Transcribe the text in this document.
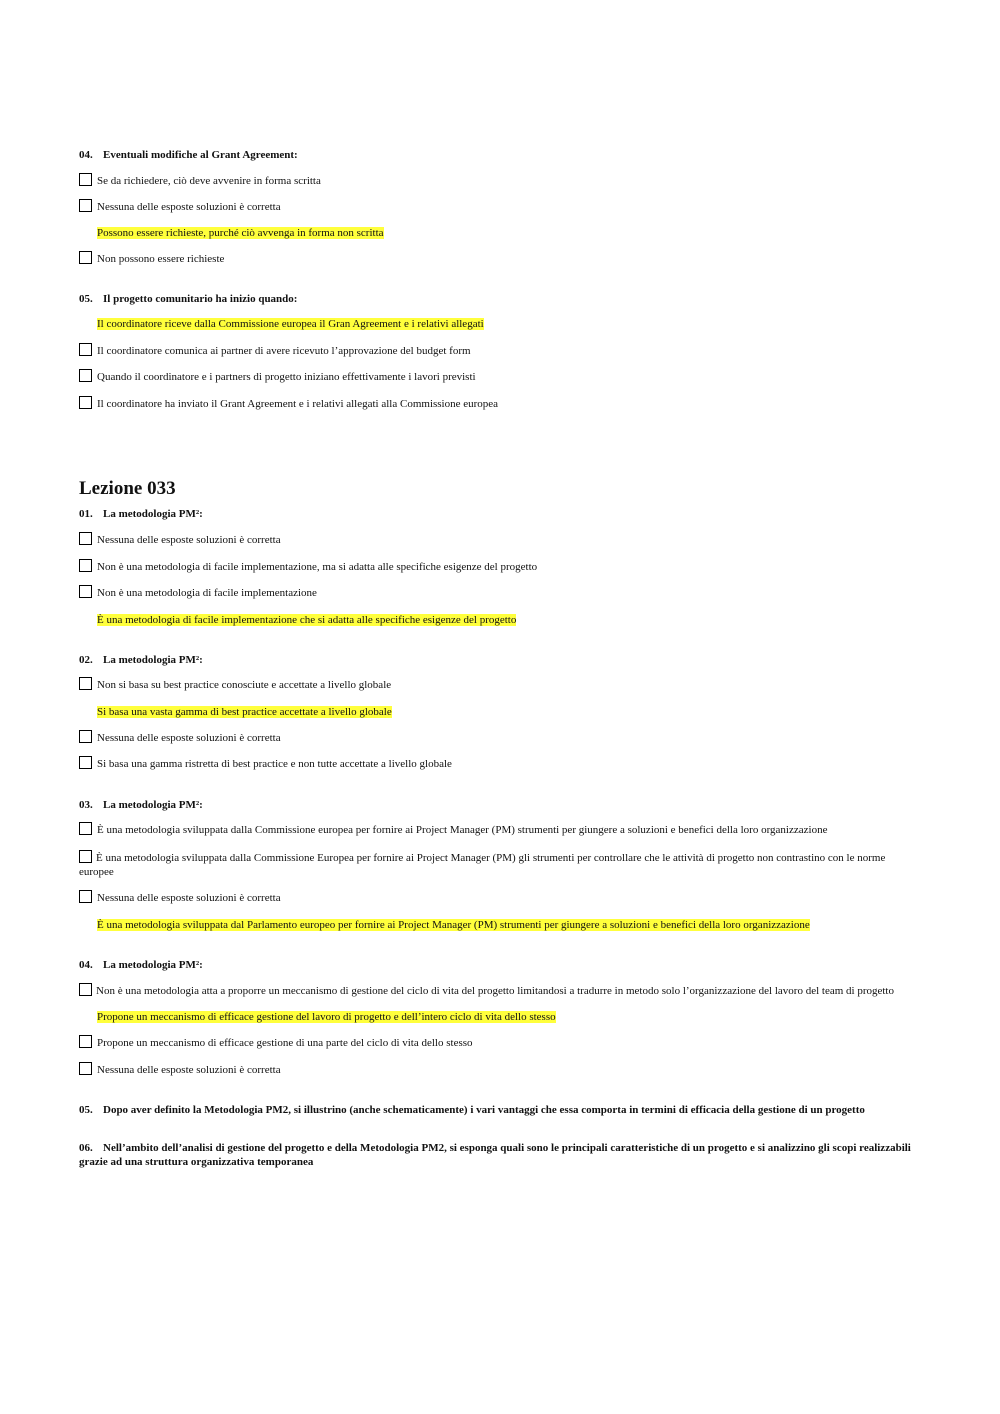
04. Eventuali modifiche al Grant Agreement:

Se da richiedere, ciò deve avvenire in forma scritta

Nessuna delle esposte soluzioni è corretta

Possono essere richieste, purché ciò avvenga in forma non scritta

Non possono essere richieste

05. Il progetto comunitario ha inizio quando:

Il coordinatore riceve dalla Commissione europea il Gran Agreement e i relativi allegati

Il coordinatore comunica ai partner di avere ricevuto l’approvazione del budget form

Quando il coordinatore e i partners di progetto iniziano effettivamente i lavori previsti

Il coordinatore ha inviato il Grant Agreement e i relativi allegati alla Commissione europea

Lezione 033

01. La metodologia PM²:

Nessuna delle esposte soluzioni è corretta

Non è una metodologia di facile implementazione, ma si adatta alle specifiche esigenze del progetto

Non è una metodologia di facile implementazione

È una metodologia di facile implementazione che si adatta alle specifiche esigenze del progetto

02. La metodologia PM²:

Non si basa su best practice conosciute e accettate a livello globale

Si basa una vasta gamma di best practice accettate a livello globale

Nessuna delle esposte soluzioni è corretta

Si basa una gamma ristretta di best practice e non tutte accettate a livello globale

03. La metodologia PM²:

È una metodologia sviluppata dalla Commissione europea per fornire ai Project Manager (PM) strumenti per giungere a soluzioni e benefici della loro organizzazione

È una metodologia sviluppata dalla Commissione Europea per fornire ai Project Manager (PM) gli strumenti per controllare che le attività di progetto non contrastino con le norme europee

Nessuna delle esposte soluzioni è corretta

È una metodologia sviluppata dal Parlamento europeo per fornire ai Project Manager (PM) strumenti per giungere a soluzioni e benefici della loro organizzazione

04. La metodologia PM²:

Non è una metodologia atta a proporre un meccanismo di gestione del ciclo di vita del progetto limitandosi a tradurre in metodo solo l’organizzazione del lavoro del team di progetto

Propone un meccanismo di efficace gestione del lavoro di progetto e dell’intero ciclo di vita dello stesso

Propone un meccanismo di efficace gestione di una parte del ciclo di vita dello stesso

Nessuna delle esposte soluzioni è corretta

05. Dopo aver definito la Metodologia PM2, si illustrino (anche schematicamente) i vari vantaggi che essa comporta in termini di efficacia della gestione di un progetto

06. Nell’ambito dell’analisi di gestione del progetto e della Metodologia PM2, si esponga quali sono le principali caratteristiche di un progetto e si analizzino gli scopi realizzabili grazie ad una struttura organizzativa temporanea
